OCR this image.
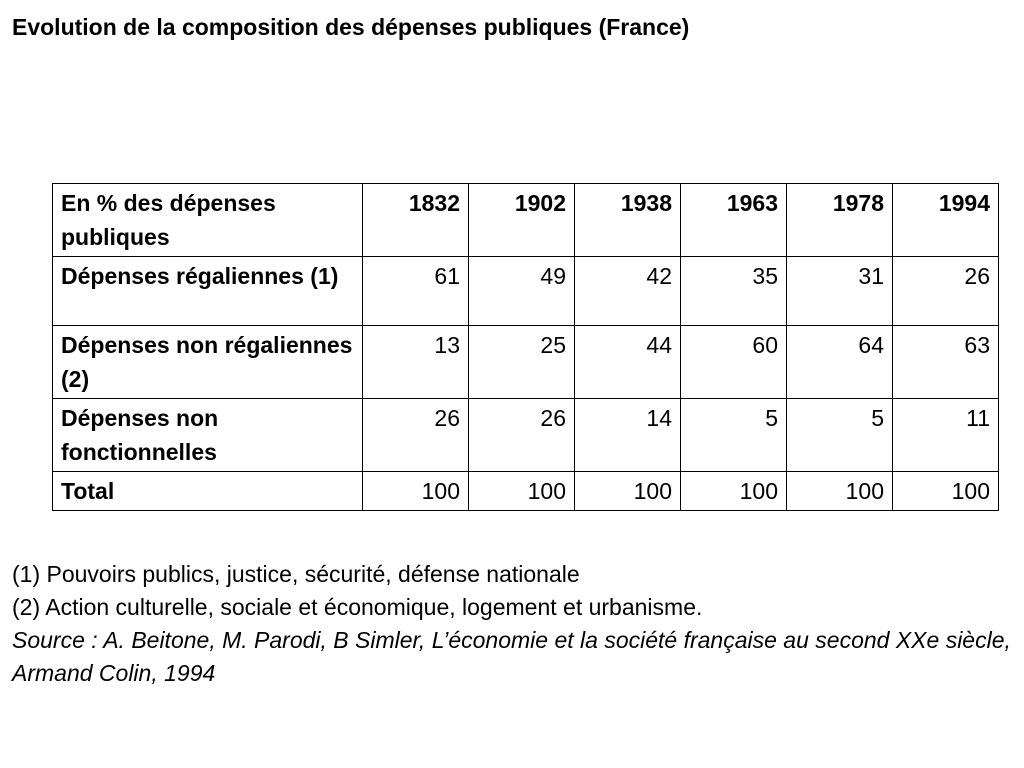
Evolution de la composition des dépenses publiques (France)
En % des dépenses publiques	1832	1902	1938	1963	1978	1994
Dépenses régaliennes (1)	61	49	42	35	31	26
Dépenses non régaliennes (2)	13	25	44	60	64	63
Dépenses non fonctionnelles	26	26	14	5	5	11
Total	100	100	100	100	100	100

(1) Pouvoirs publics, justice, sécurité, défense nationale

(2) Action culturelle, sociale et économique, logement et urbanisme.

Source : A. Beitone, M. Parodi, B Simler, L’économie et la société française au second XXe siècle, Armand Colin, 1994
